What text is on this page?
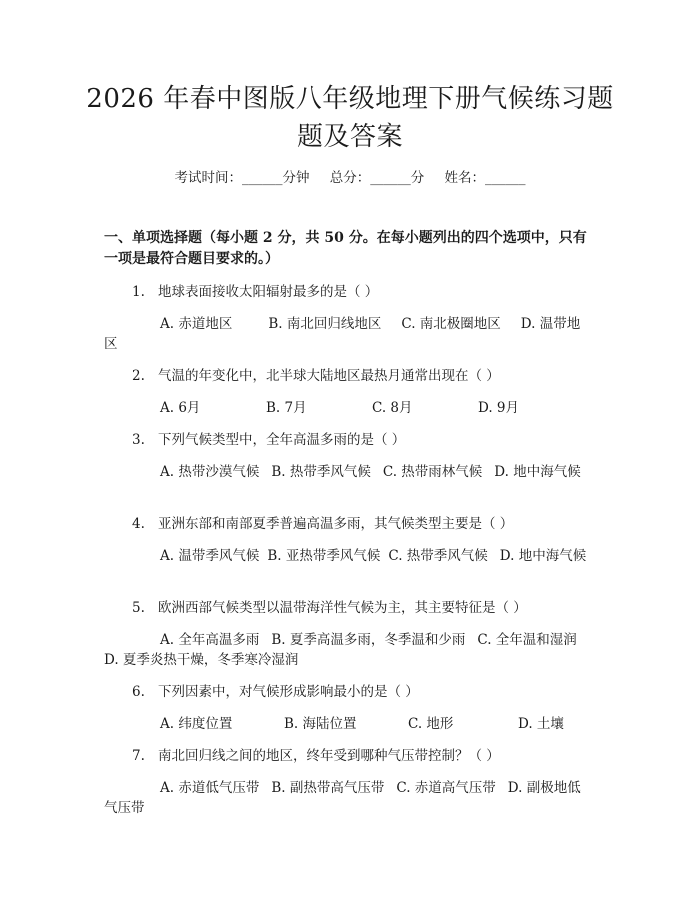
2026 年春中图版八年级地理下册气候练习题
题及答案
考试时间：______分钟 总分：______分 姓名：______
一、单项选择题（每小题 2 分，共 50 分。在每小题列出的四个选项中，只有一项是最符合题目要求的。）
1. 地球表面接收太阳辐射最多的是（ ）
A. 赤道地区	B. 南北回归线地区 C. 南北极圈地区 D. 温带地区
2. 气温的年变化中，北半球大陆地区最热月通常出现在（ ）
A. 6月	B. 7月	C. 8月	D. 9月
3. 下列气候类型中，全年高温多雨的是（ ）
A. 热带沙漠气候 B. 热带季风气候 C. 热带雨林气候 D. 地中海气候
4. 亚洲东部和南部夏季普遍高温多雨，其气候类型主要是（ ）
A. 温带季风气候 B. 亚热带季风气候 C. 热带季风气候 D. 地中海气候
5. 欧洲西部气候类型以温带海洋性气候为主，其主要特征是（ ）
A. 全年高温多雨 B. 夏季高温多雨，冬季温和少雨 C. 全年温和湿润D. 夏季炎热干燥，冬季寒冷湿润
6. 下列因素中，对气候形成影响最小的是（ ）
A. 纬度位置	B. 海陆位置	C. 地形	D. 土壤
7. 南北回归线之间的地区，终年受到哪种气压带控制？（ ）
A. 赤道低气压带 B. 副热带高气压带 C. 赤道高气压带 D. 副极地低气压带
